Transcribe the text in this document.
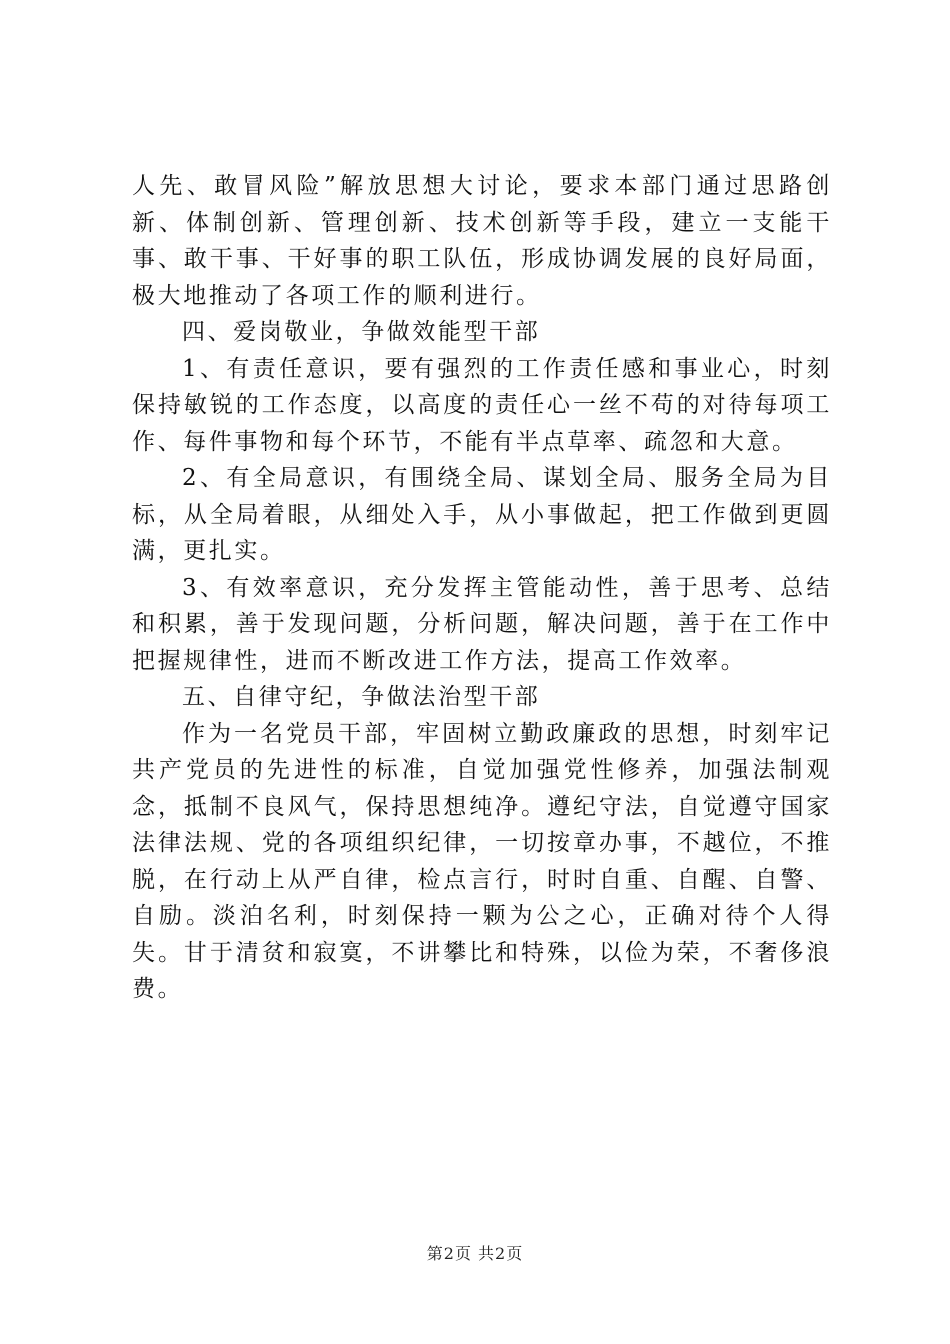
人先、敢冒风险”解放思想大讨论，要求本部门通过思路创新、体制创新、管理创新、技术创新等手段，建立一支能干事、敢干事、干好事的职工队伍，形成协调发展的良好局面，极大地推动了各项工作的顺利进行。

四、爱岗敬业，争做效能型干部

1、有责任意识，要有强烈的工作责任感和事业心，时刻保持敏锐的工作态度，以高度的责任心一丝不苟的对待每项工作、每件事物和每个环节，不能有半点草率、疏忽和大意。

2、有全局意识，有围绕全局、谋划全局、服务全局为目标，从全局着眼，从细处入手，从小事做起，把工作做到更圆满，更扎实。

3、有效率意识，充分发挥主管能动性，善于思考、总结和积累，善于发现问题，分析问题，解决问题，善于在工作中把握规律性，进而不断改进工作方法，提高工作效率。

五、自律守纪，争做法治型干部

作为一名党员干部，牢固树立勤政廉政的思想，时刻牢记共产党员的先进性的标准，自觉加强党性修养，加强法制观念，抵制不良风气，保持思想纯净。遵纪守法，自觉遵守国家法律法规、党的各项组织纪律，一切按章办事，不越位，不推脱，在行动上从严自律，检点言行，时时自重、自醒、自警、自励。淡泊名利，时刻保持一颗为公之心，正确对待个人得失。甘于清贫和寂寞，不讲攀比和特殊，以俭为荣，不奢侈浪费。

第2页 共2页
